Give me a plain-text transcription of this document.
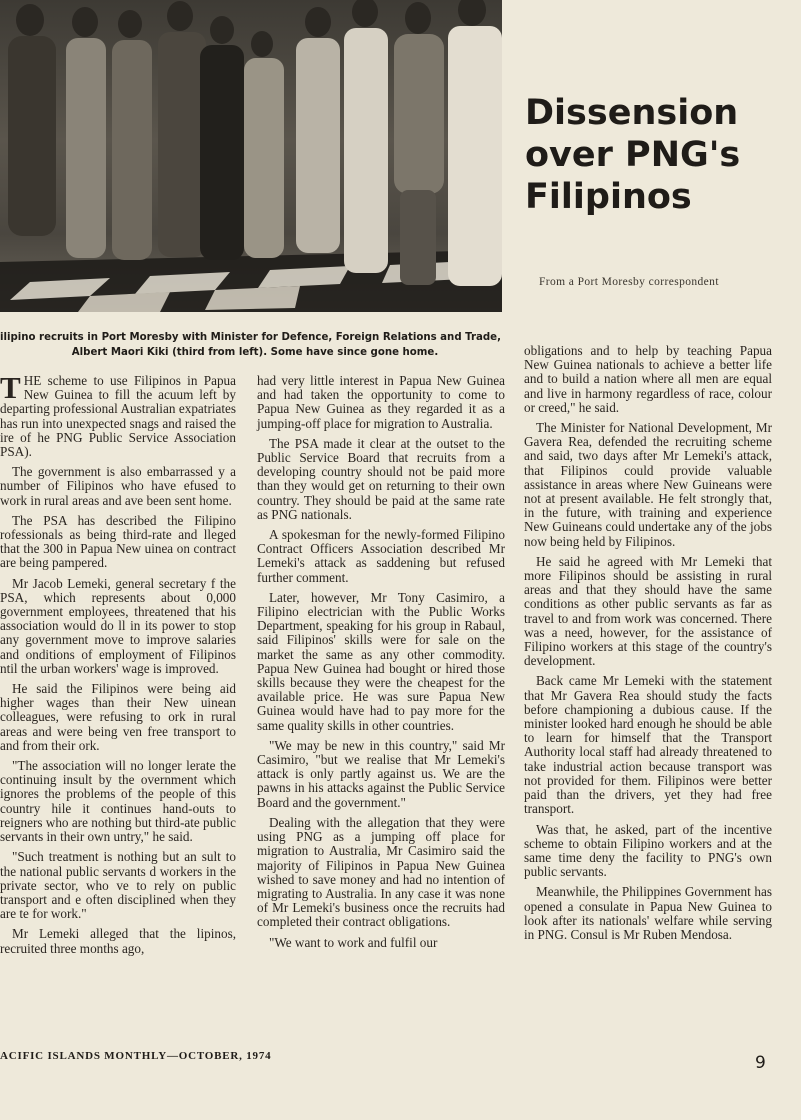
Dissension
over PNG's
Filipinos
From a Port Moresby correspondent
ilipino recruits in Port Moresby with Minister for Defence, Foreign Relations and Trade,
Albert Maori Kiki (third from left). Some have since gone home.

THE scheme to use Filipinos in Papua New Guinea to fill the acuum left by departing professional Australian expatriates has run into unexpected snags and raised the ire of he PNG Public Service Association PSA).

The government is also embarrassed y a number of Filipinos who have efused to work in rural areas and ave been sent home.

The PSA has described the Filipino rofessionals as being third-rate and lleged that the 300 in Papua New uinea on contract are being pampered.

Mr Jacob Lemeki, general secretary f the PSA, which represents about 0,000 government employees, threatened that his association would do ll in its power to stop any government move to improve salaries and onditions of employment of Filipinos ntil the urban workers' wage is improved.

He said the Filipinos were being aid higher wages than their New uinean colleagues, were refusing to ork in rural areas and were being ven free transport to and from their ork.

"The association will no longer lerate the continuing insult by the overnment which ignores the problems of the people of this country hile it continues hand-outs to reigners who are nothing but third-ate public servants in their own untry," he said.

"Such treatment is nothing but an sult to the national public servants d workers in the private sector, who ve to rely on public transport and e often disciplined when they are te for work."

Mr Lemeki alleged that the lipinos, recruited three months ago,

had very little interest in Papua New Guinea and had taken the opportunity to come to Papua New Guinea as they regarded it as a jumping-off place for migration to Australia.

The PSA made it clear at the outset to the Public Service Board that recruits from a developing country should not be paid more than they would get on returning to their own country. They should be paid at the same rate as PNG nationals.

A spokesman for the newly-formed Filipino Contract Officers Association described Mr Lemeki's attack as saddening but refused further comment.

Later, however, Mr Tony Casimiro, a Filipino electrician with the Public Works Department, speaking for his group in Rabaul, said Filipinos' skills were for sale on the market the same as any other commodity. Papua New Guinea had bought or hired those skills because they were the cheapest for the available price. He was sure Papua New Guinea would have had to pay more for the same quality skills in other countries.

"We may be new in this country," said Mr Casimiro, "but we realise that Mr Lemeki's attack is only partly against us. We are the pawns in his attacks against the Public Service Board and the government."

Dealing with the allegation that they were using PNG as a jumping off place for migration to Australia, Mr Casimiro said the majority of Filipinos in Papua New Guinea wished to save money and had no intention of migrating to Australia. In any case it was none of Mr Lemeki's business once the recruits had completed their contract obligations.

"We want to work and fulfil our

obligations and to help by teaching Papua New Guinea nationals to achieve a better life and to build a nation where all men are equal and live in harmony regardless of race, colour or creed," he said.

The Minister for National Development, Mr Gavera Rea, defended the recruiting scheme and said, two days after Mr Lemeki's attack, that Filipinos could provide valuable assistance in areas where New Guineans were not at present available. He felt strongly that, in the future, with training and experience New Guineans could undertake any of the jobs now being held by Filipinos.

He said he agreed with Mr Lemeki that more Filipinos should be assisting in rural areas and that they should have the same conditions as other public servants as far as travel to and from work was concerned. There was a need, however, for the assistance of Filipino workers at this stage of the country's development.

Back came Mr Lemeki with the statement that Mr Gavera Rea should study the facts before championing a dubious cause. If the minister looked hard enough he should be able to learn for himself that the Transport Authority local staff had already threatened to take industrial action because transport was not provided for them. Filipinos were better paid than the drivers, yet they had free transport.

Was that, he asked, part of the incentive scheme to obtain Filipino workers and at the same time deny the facility to PNG's own public servants.

Meanwhile, the Philippines Government has opened a consulate in Papua New Guinea to look after its nationals' welfare while serving in PNG. Consul is Mr Ruben Mendosa.

ACIFIC ISLANDS MONTHLY—OCTOBER, 1974	9
